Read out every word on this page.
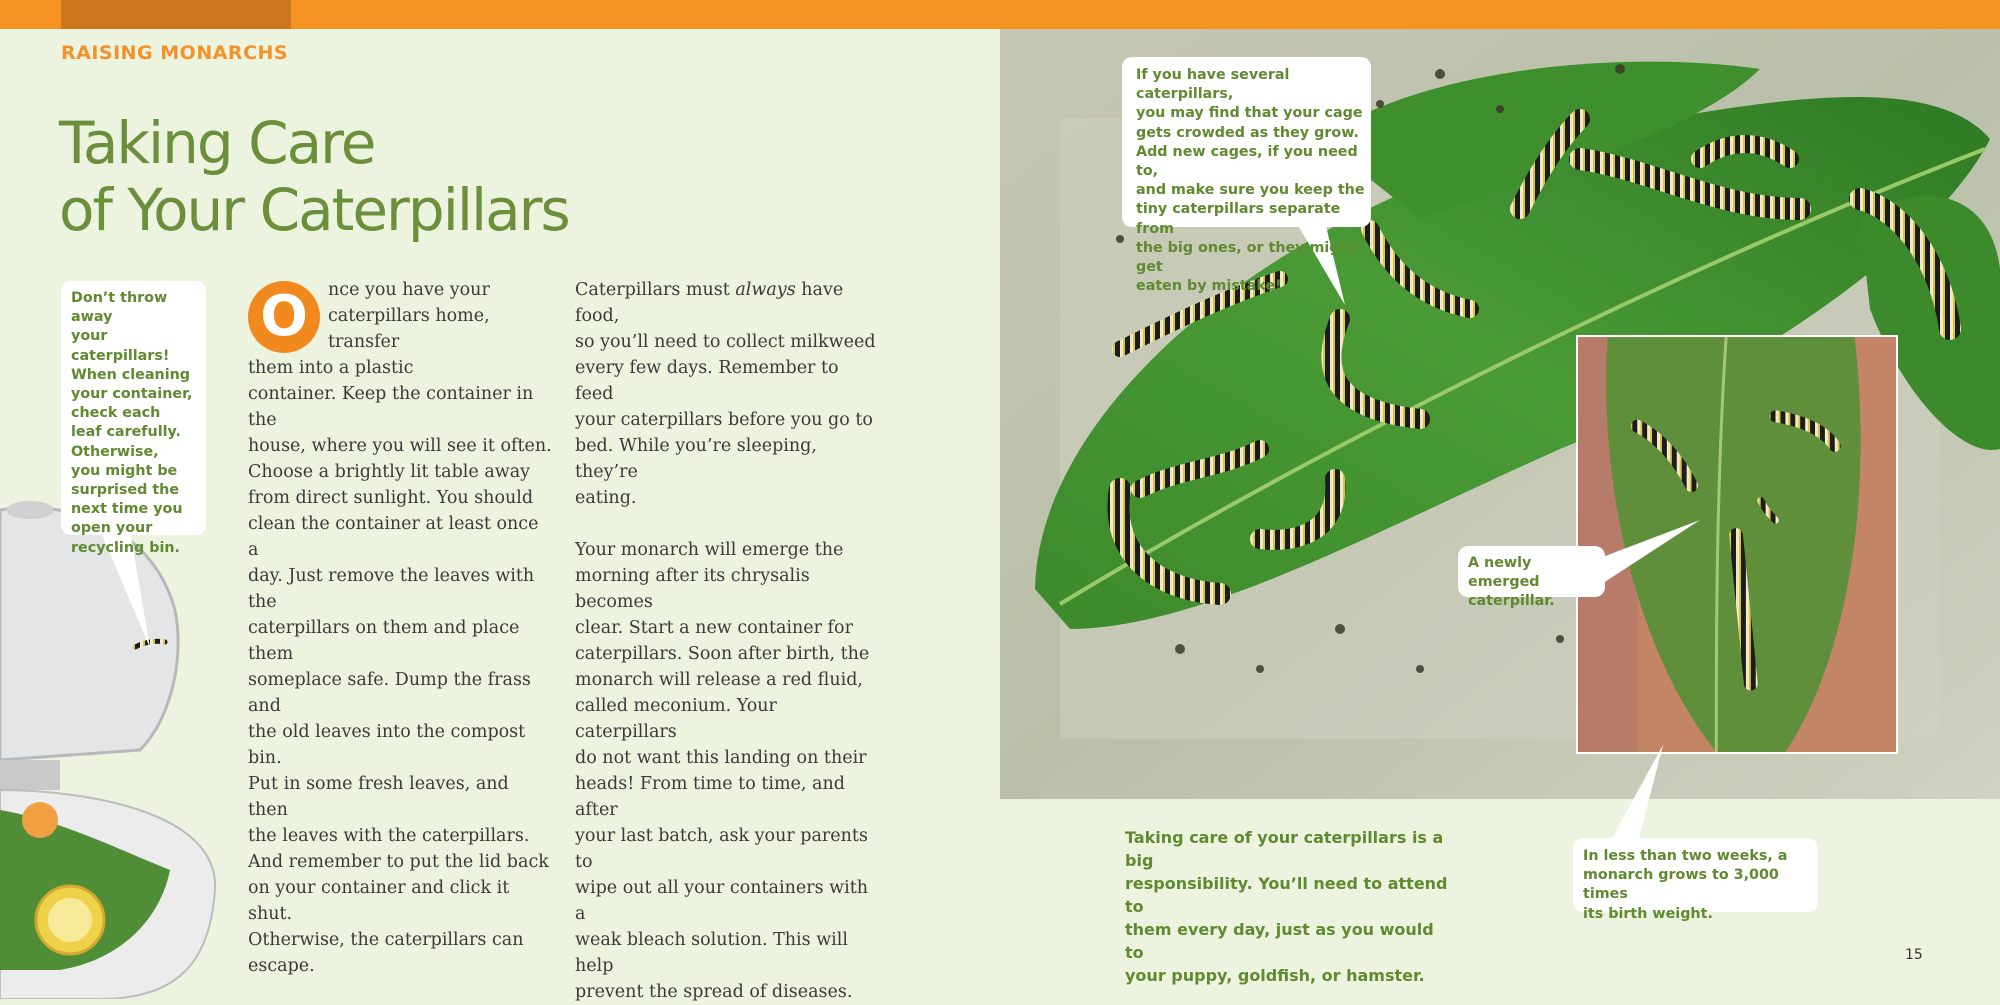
RAISING MONARCHS
Taking Care
of Your Caterpillars
Don’t throw away
your caterpillars!
When cleaning
your container,
check each
leaf carefully.
Otherwise,
you might be
surprised the
next time you
open your
recycling bin.
O	nce you have your
caterpillars home, transfer
them into a plastic

container. Keep the container in the
house, where you will see it often.
Choose a brightly lit table away
from direct sunlight. You should
clean the container at least once a
day. Just remove the leaves with the
caterpillars on them and place them
someplace safe. Dump the frass and
the old leaves into the compost bin.
Put in some fresh leaves, and then
the leaves with the caterpillars.
And remember to put the lid back
on your container and click it shut.
Otherwise, the caterpillars can
escape.

Caterpillars must always have food,
so you’ll need to collect milkweed
every few days. Remember to feed
your caterpillars before you go to
bed. While you’re sleeping, they’re
eating.

Your monarch will emerge the
morning after its chrysalis becomes
clear. Start a new container for
caterpillars. Soon after birth, the
monarch will release a red fluid,
called meconium. Your caterpillars
do not want this landing on their
heads! From time to time, and after
your last batch, ask your parents to
wipe out all your containers with a
weak bleach solution. This will help
prevent the spread of diseases.

If you have several caterpillars,
you may find that your cage
gets crowded as they grow.
Add new cages, if you need to,
and make sure you keep the
tiny caterpillars separate from
the big ones, or they might get
eaten by mistake!
A newly emerged
caterpillar.
In less than two weeks, a
monarch grows to 3,000 times
its birth weight.
Taking care of your caterpillars is a big
responsibility. You’ll need to attend to
them every day, just as you would to
your puppy, goldfish, or hamster.
15
